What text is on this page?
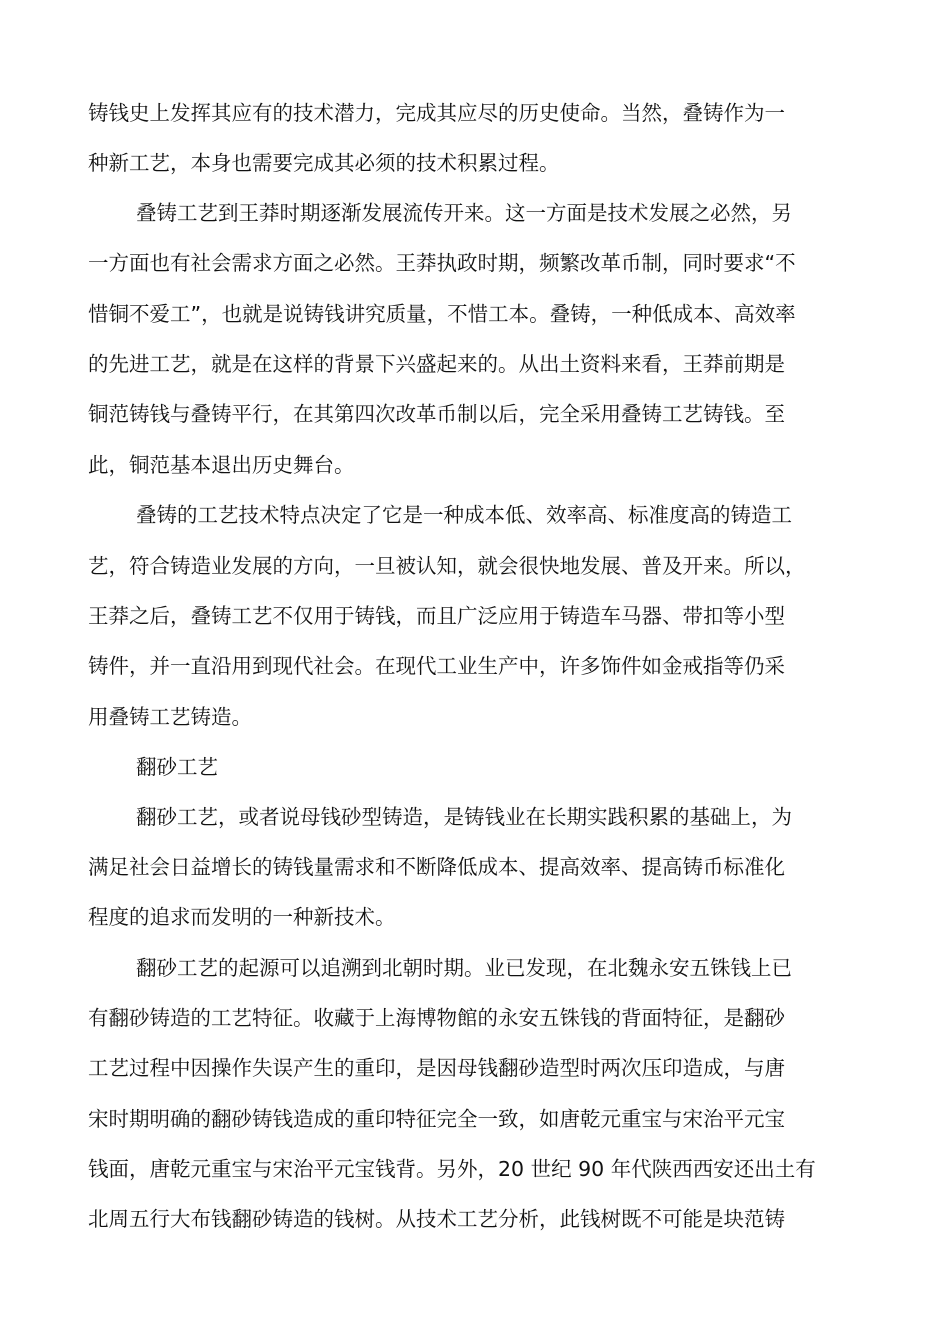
铸钱史上发挥其应有的技术潜力，完成其应尽的历史使命。当然，叠铸作为一
种新工艺，本身也需要完成其必须的技术积累过程。
叠铸工艺到王莽时期逐渐发展流传开来。这一方面是技术发展之必然，另
一方面也有社会需求方面之必然。王莽执政时期，频繁改革币制，同时要求“不
惜铜不爱工”，也就是说铸钱讲究质量，不惜工本。叠铸，一种低成本、高效率
的先进工艺，就是在这样的背景下兴盛起来的。从出土资料来看，王莽前期是
铜范铸钱与叠铸平行，在其第四次改革币制以后，完全采用叠铸工艺铸钱。至
此，铜范基本退出历史舞台。
叠铸的工艺技术特点决定了它是一种成本低、效率高、标准度高的铸造工
艺，符合铸造业发展的方向，一旦被认知，就会很快地发展、普及开来。所以，
王莽之后，叠铸工艺不仅用于铸钱，而且广泛应用于铸造车马器、带扣等小型
铸件，并一直沿用到现代社会。在现代工业生产中，许多饰件如金戒指等仍采
用叠铸工艺铸造。
翻砂工艺
翻砂工艺，或者说母钱砂型铸造，是铸钱业在长期实践积累的基础上，为
满足社会日益增长的铸钱量需求和不断降低成本、提高效率、提高铸币标准化
程度的追求而发明的一种新技术。
翻砂工艺的起源可以追溯到北朝时期。业已发现，在北魏永安五铢钱上已
有翻砂铸造的工艺特征。收藏于上海博物館的永安五铢钱的背面特征，是翻砂
工艺过程中因操作失误产生的重印，是因母钱翻砂造型时两次压印造成，与唐
宋时期明确的翻砂铸钱造成的重印特征完全一致，如唐乾元重宝与宋治平元宝
钱面，唐乾元重宝与宋治平元宝钱背。另外，20 世纪 90 年代陕西西安还出土有
北周五行大布钱翻砂铸造的钱树。从技术工艺分析，此钱树既不可能是块范铸
